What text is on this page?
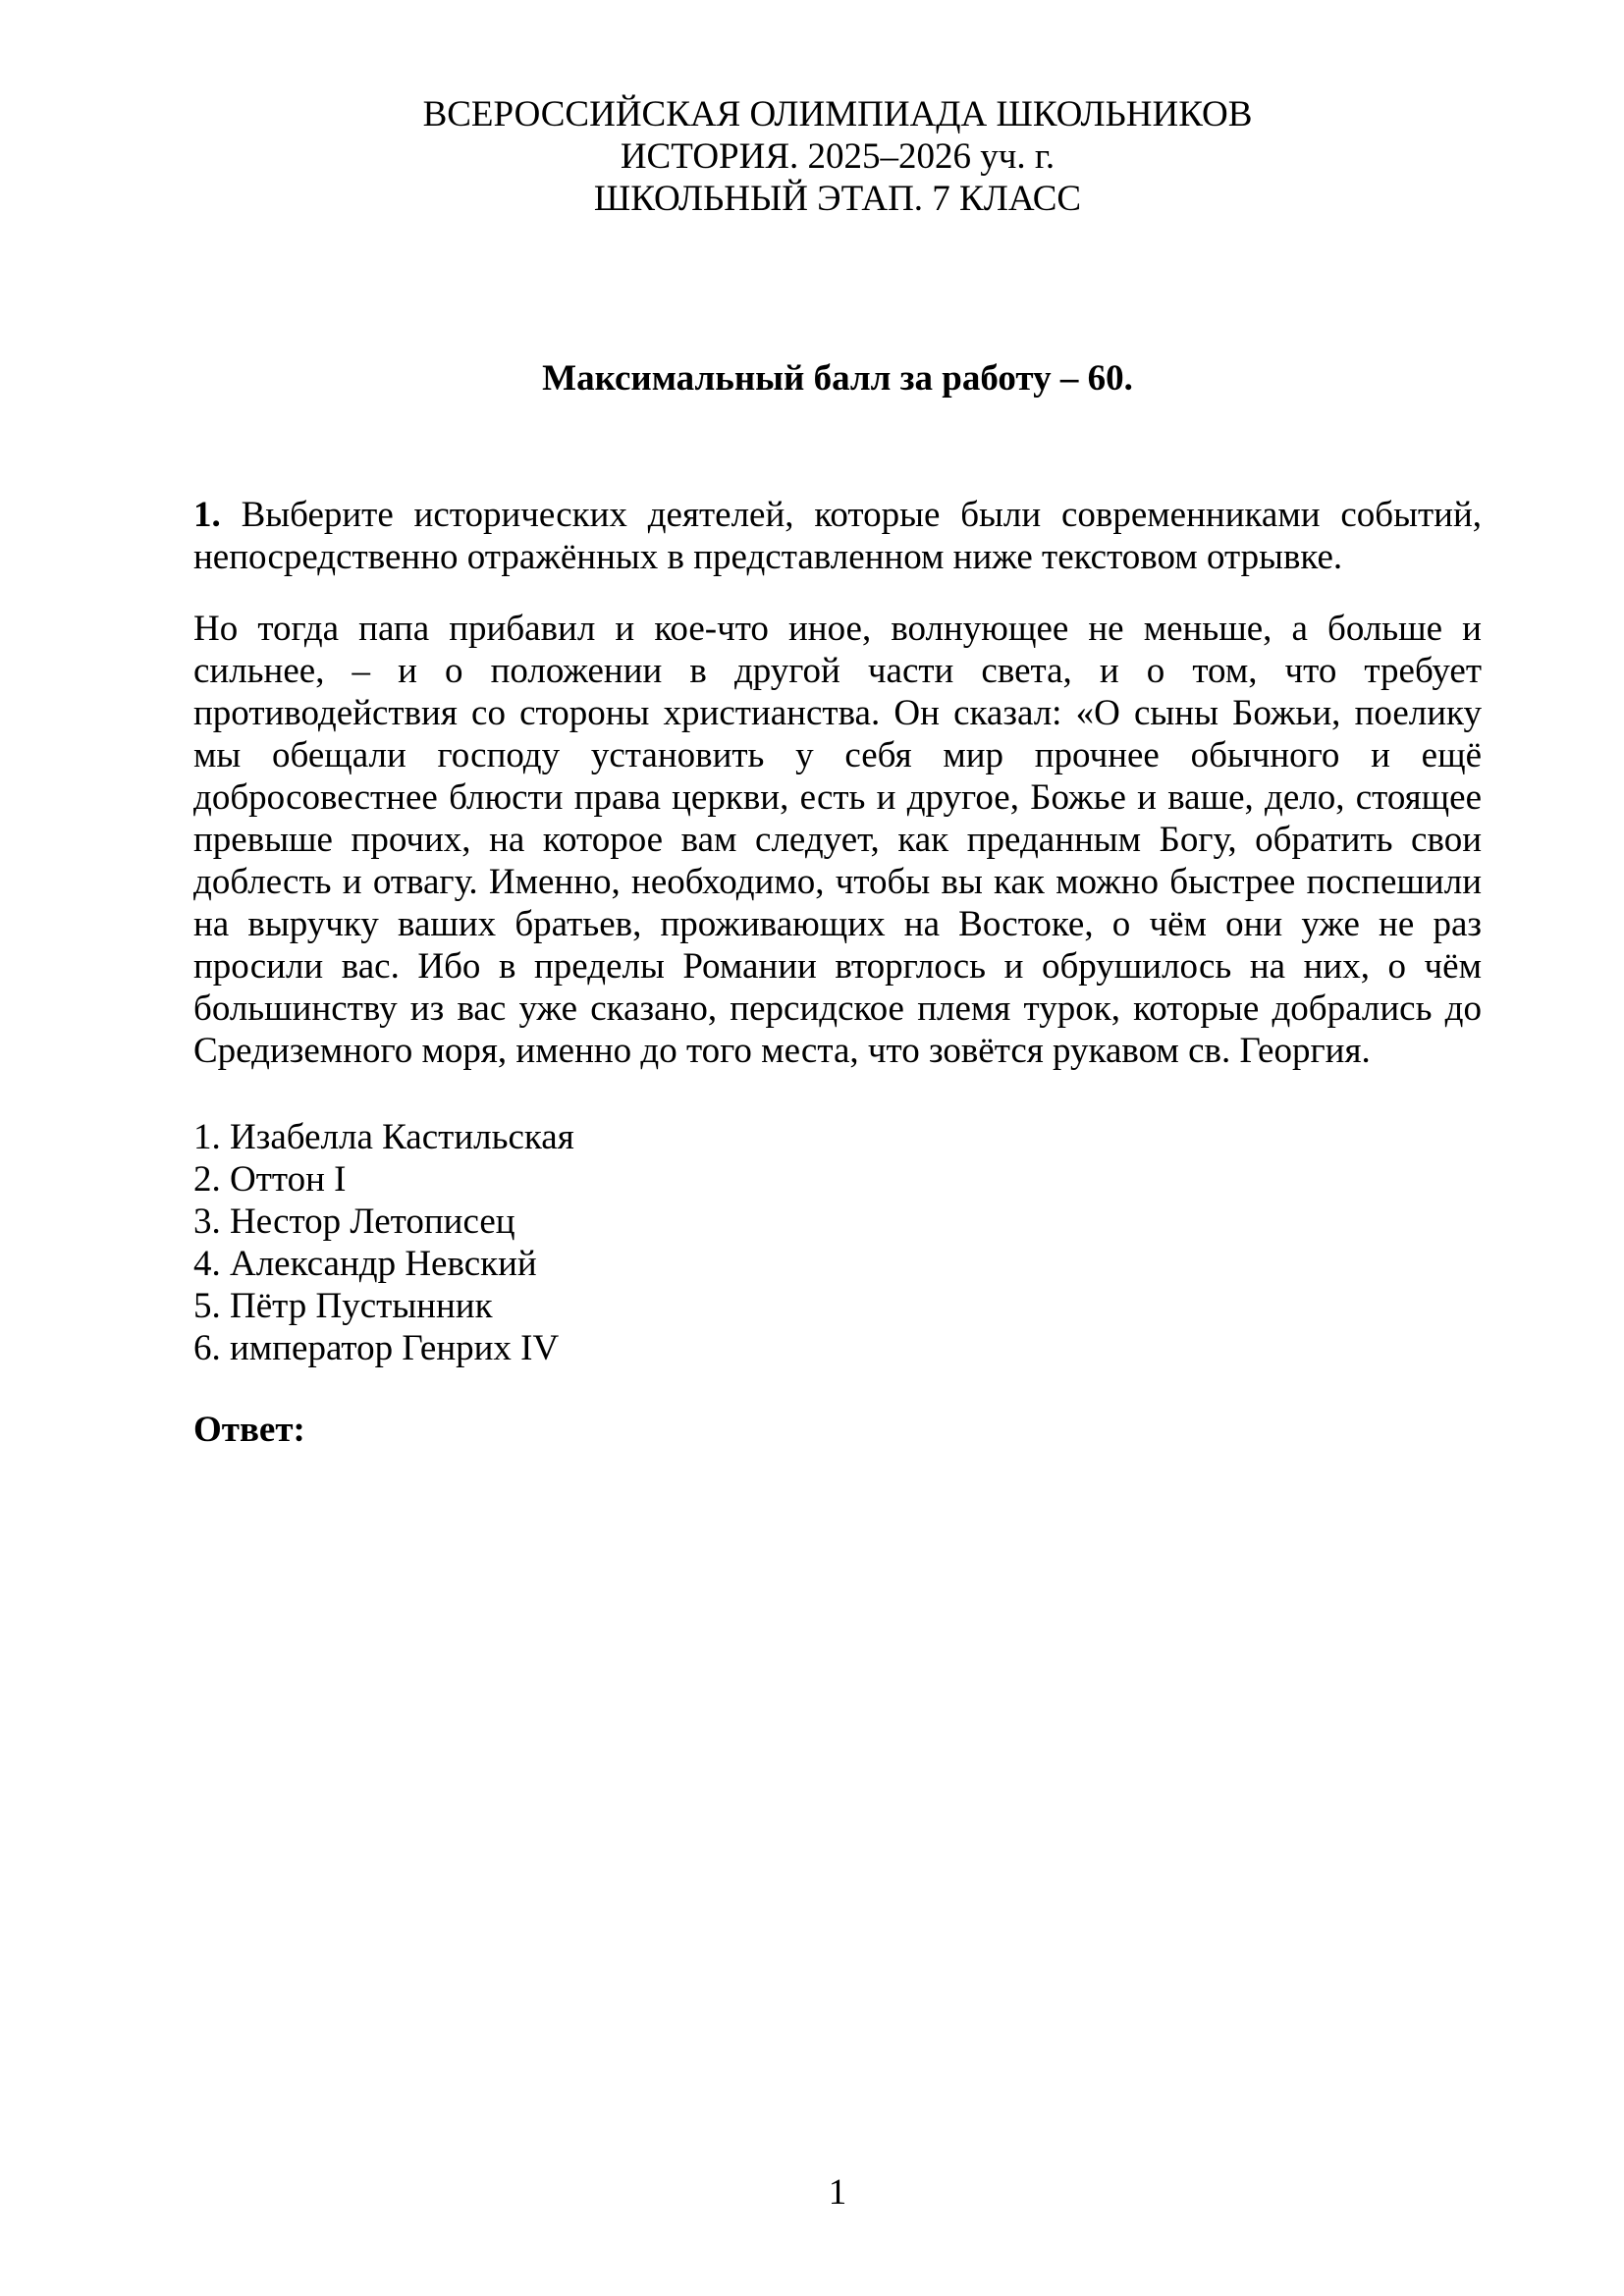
ВСЕРОССИЙСКАЯ ОЛИМПИАДА ШКОЛЬНИКОВ
ИСТОРИЯ. 2025–2026 уч. г.
ШКОЛЬНЫЙ ЭТАП. 7 КЛАСС

Максимальный балл за работу – 60.

1. Выберите исторических деятелей, которые были современниками событий, непосредственно отражённых в представленном ниже текстовом отрывке.

Но тогда папа прибавил и кое-что иное, волнующее не меньше, а больше и сильнее, – и о положении в другой части света, и о том, что требует противодействия со стороны христианства. Он сказал: «О сыны Божьи, поелику мы обещали господу установить у себя мир прочнее обычного и ещё добросовестнее блюсти права церкви, есть и другое, Божье и ваше, дело, стоящее превыше прочих, на которое вам следует, как преданным Богу, обратить свои доблесть и отвагу. Именно, необходимо, чтобы вы как можно быстрее поспешили на выручку ваших братьев, проживающих на Востоке, о чём они уже не раз просили вас. Ибо в пределы Романии вторглось и обрушилось на них, о чём большинству из вас уже сказано, персидское племя турок, которые добрались до Средиземного моря, именно до того места, что зовётся рукавом св. Георгия.

1. Изабелла Кастильская
2. Оттон I
3. Нестор Летописец
4. Александр Невский
5. Пётр Пустынник
6. император Генрих IV

Ответ:

1
